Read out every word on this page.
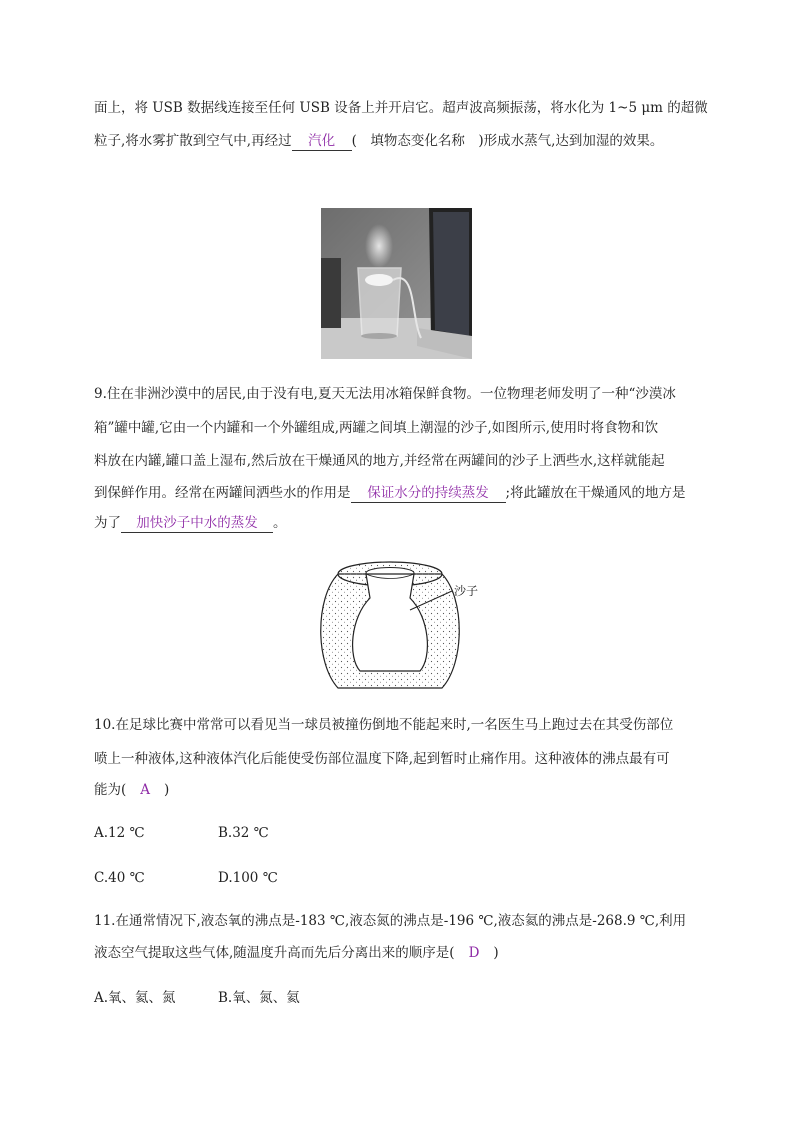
面上，将 USB 数据线连接至任何 USB 设备上并开启它。超声波高频振荡，将水化为 1~5 μm 的超微
粒子,将水雾扩散到空气中,再经过 汽化 (　填物态变化名称　)形成水蒸气,达到加湿的效果。
9.住在非洲沙漠中的居民,由于没有电,夏天无法用冰箱保鲜食物。一位物理老师发明了一种“沙漠冰
箱”罐中罐,它由一个内罐和一个外罐组成,两罐之间填上潮湿的沙子,如图所示,使用时将食物和饮
料放在内罐,罐口盖上湿布,然后放在干燥通风的地方,并经常在两罐间的沙子上洒些水,这样就能起
到保鲜作用。经常在两罐间洒些水的作用是 保证水分的持续蒸发 ;将此罐放在干燥通风的地方是
为了 加快沙子中水的蒸发 。
沙子
10.在足球比赛中常常可以看见当一球员被撞伤倒地不能起来时,一名医生马上跑过去在其受伤部位
喷上一种液体,这种液体汽化后能使受伤部位温度下降,起到暂时止痛作用。这种液体的沸点最有可
能为( A )
A.12 ℃	B.32 ℃
C.40 ℃	D.100 ℃
11.在通常情况下,液态氧的沸点是-183 ℃,液态氮的沸点是-196 ℃,液态氦的沸点是-268.9 ℃,利用
液态空气提取这些气体,随温度升高而先后分离出来的顺序是( D )
A.氧、氦、氮	B.氧、氮、氦
